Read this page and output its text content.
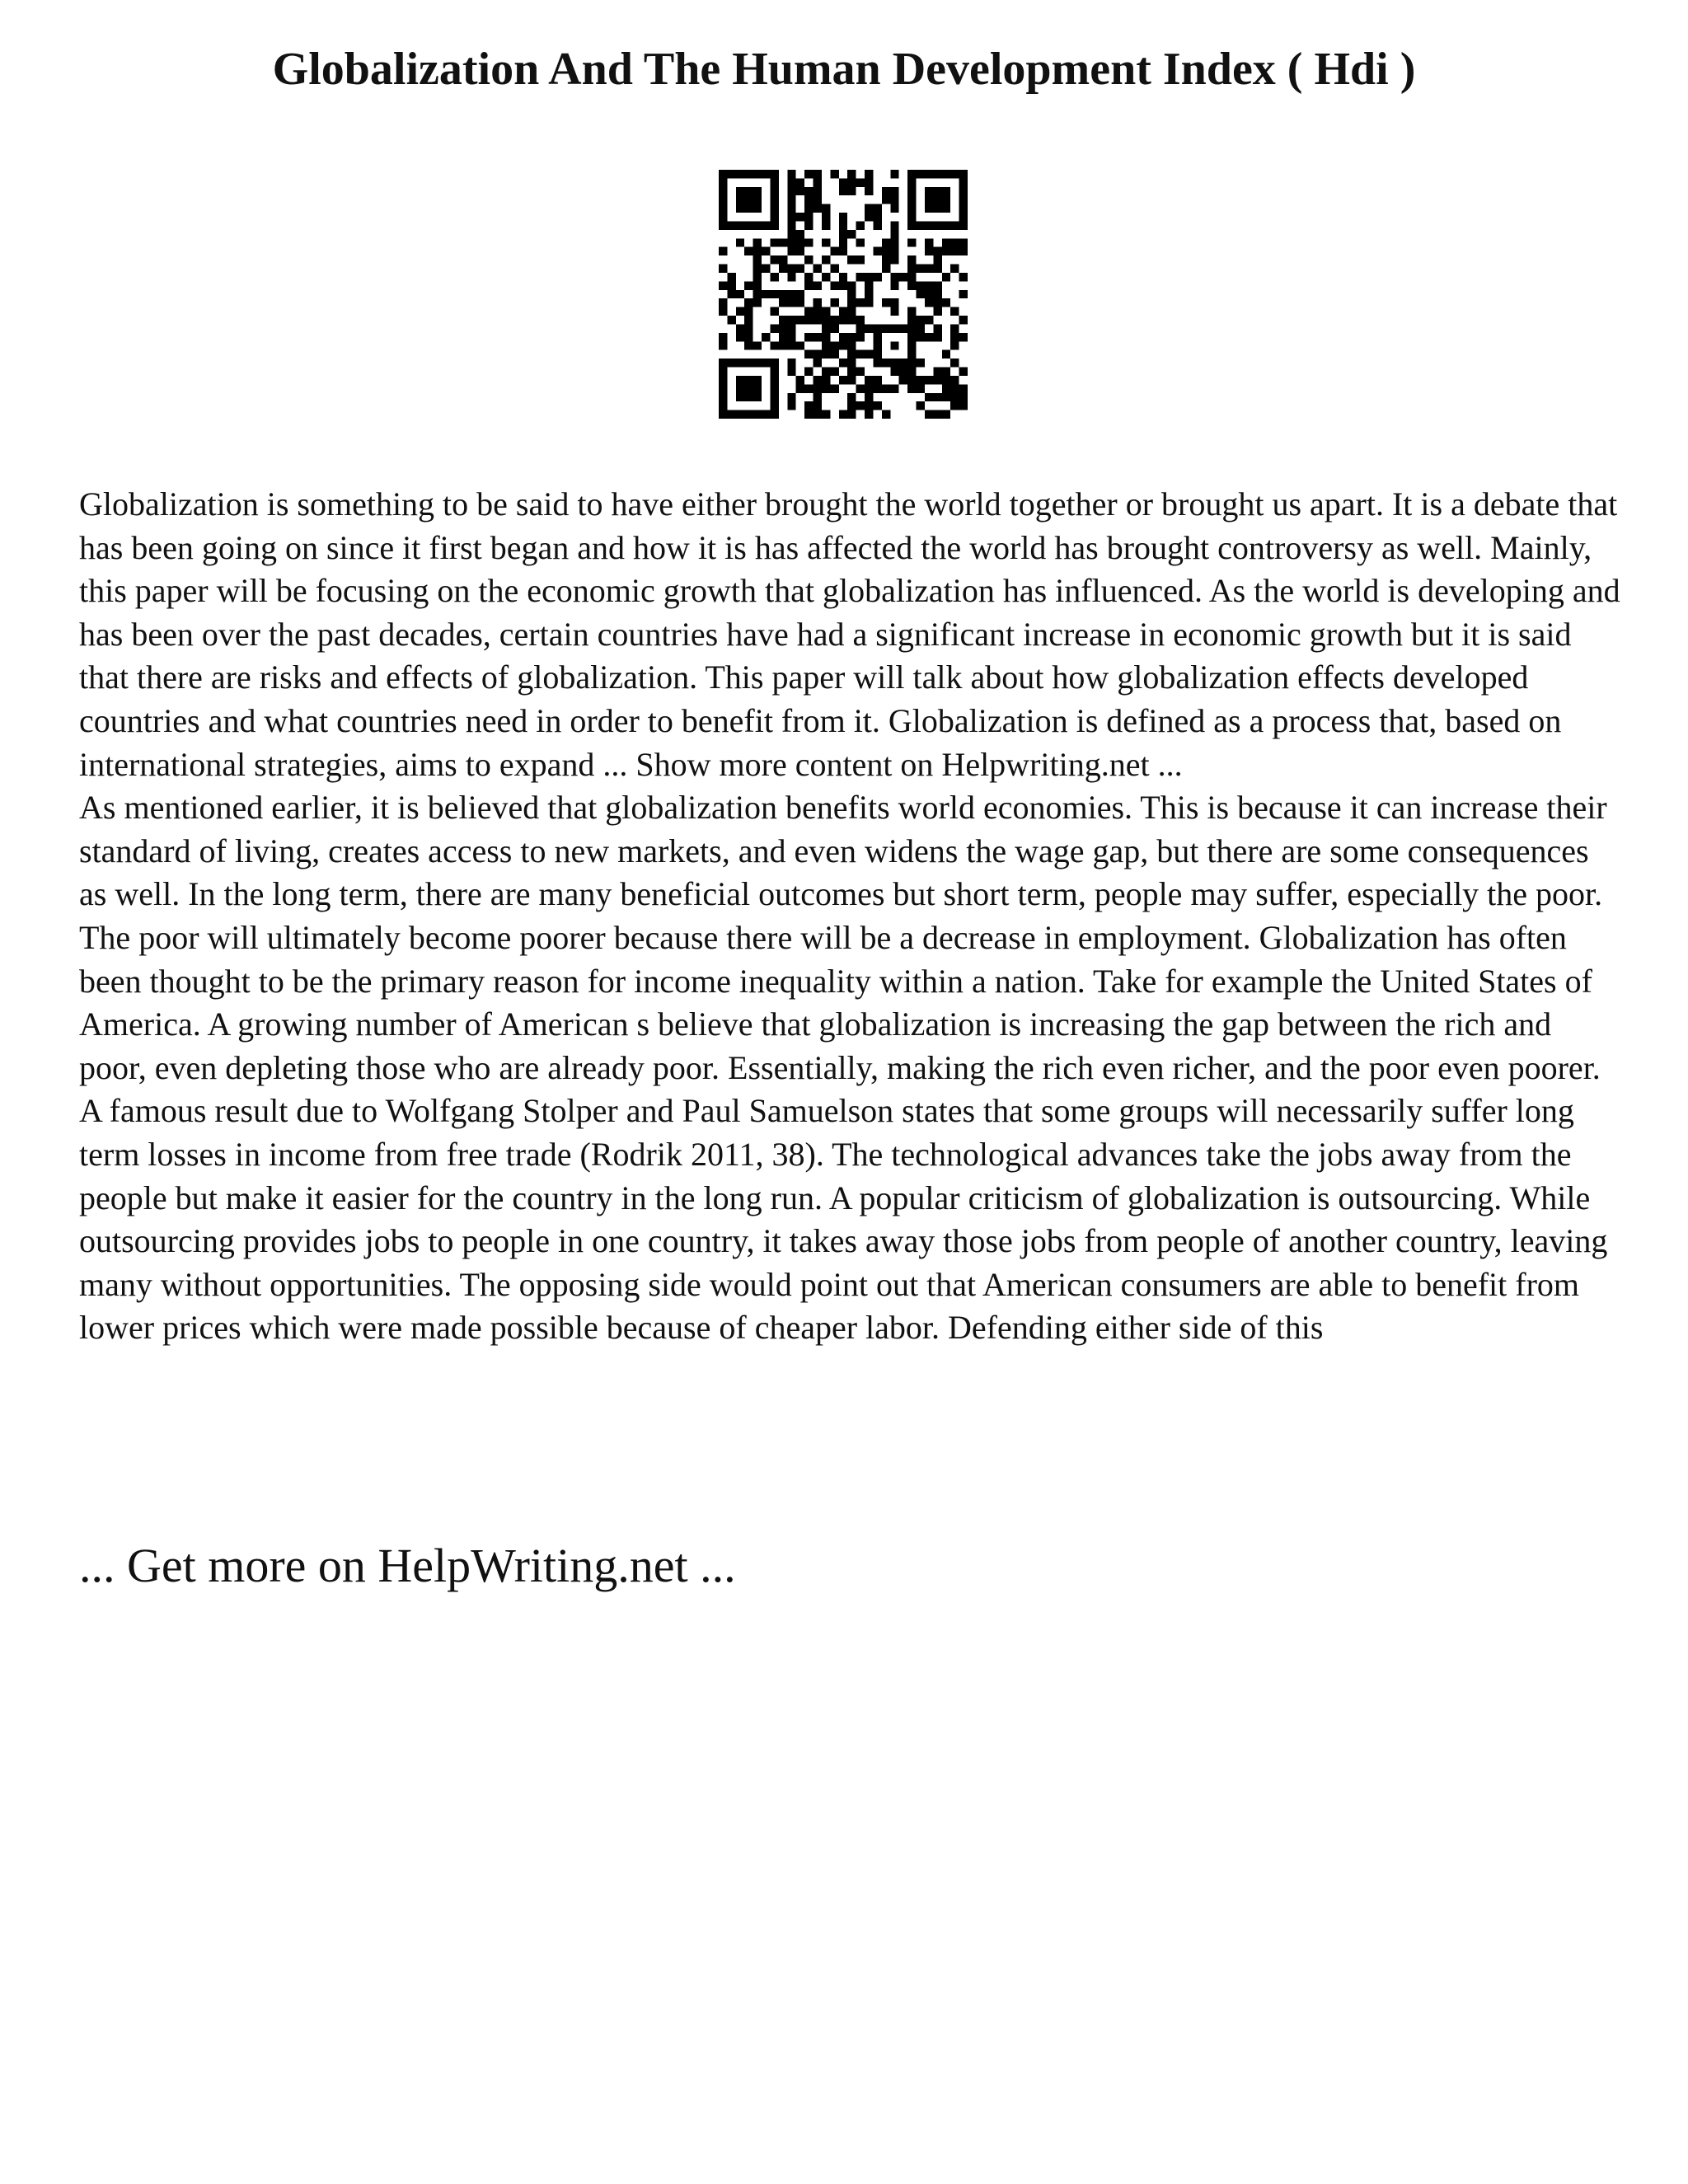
Globalization And The Human Development Index ( Hdi )

Globalization is something to be said to have either brought the world together or brought us apart. It is a debate that has been going on since it first began and how it is has affected the world has brought controversy as well. Mainly, this paper will be focusing on the economic growth that globalization has influenced. As the world is developing and has been over the past decades, certain countries have had a significant increase in economic growth but it is said that there are risks and effects of globalization. This paper will talk about how globalization effects developed countries and what countries need in order to benefit from it. Globalization is defined as a process that, based on international strategies, aims to expand ... Show more content on Helpwriting.net ...

As mentioned earlier, it is believed that globalization benefits world economies. This is because it can increase their standard of living, creates access to new markets, and even widens the wage gap, but there are some consequences as well. In the long term, there are many beneficial outcomes but short term, people may suffer, especially the poor. The poor will ultimately become poorer because there will be a decrease in employment. Globalization has often been thought to be the primary reason for income inequality within a nation. Take for example the United States of America. A growing number of American s believe that globalization is increasing the gap between the rich and poor, even depleting those who are already poor. Essentially, making the rich even richer, and the poor even poorer. A famous result due to Wolfgang Stolper and Paul Samuelson states that some groups will necessarily suffer long term losses in income from free trade (Rodrik 2011, 38). The technological advances take the jobs away from the people but make it easier for the country in the long run. A popular criticism of globalization is outsourcing. While outsourcing provides jobs to people in one country, it takes away those jobs from people of another country, leaving many without opportunities. The opposing side would point out that American consumers are able to benefit from lower prices which were made possible because of cheaper labor. Defending either side of this

... Get more on HelpWriting.net ...
